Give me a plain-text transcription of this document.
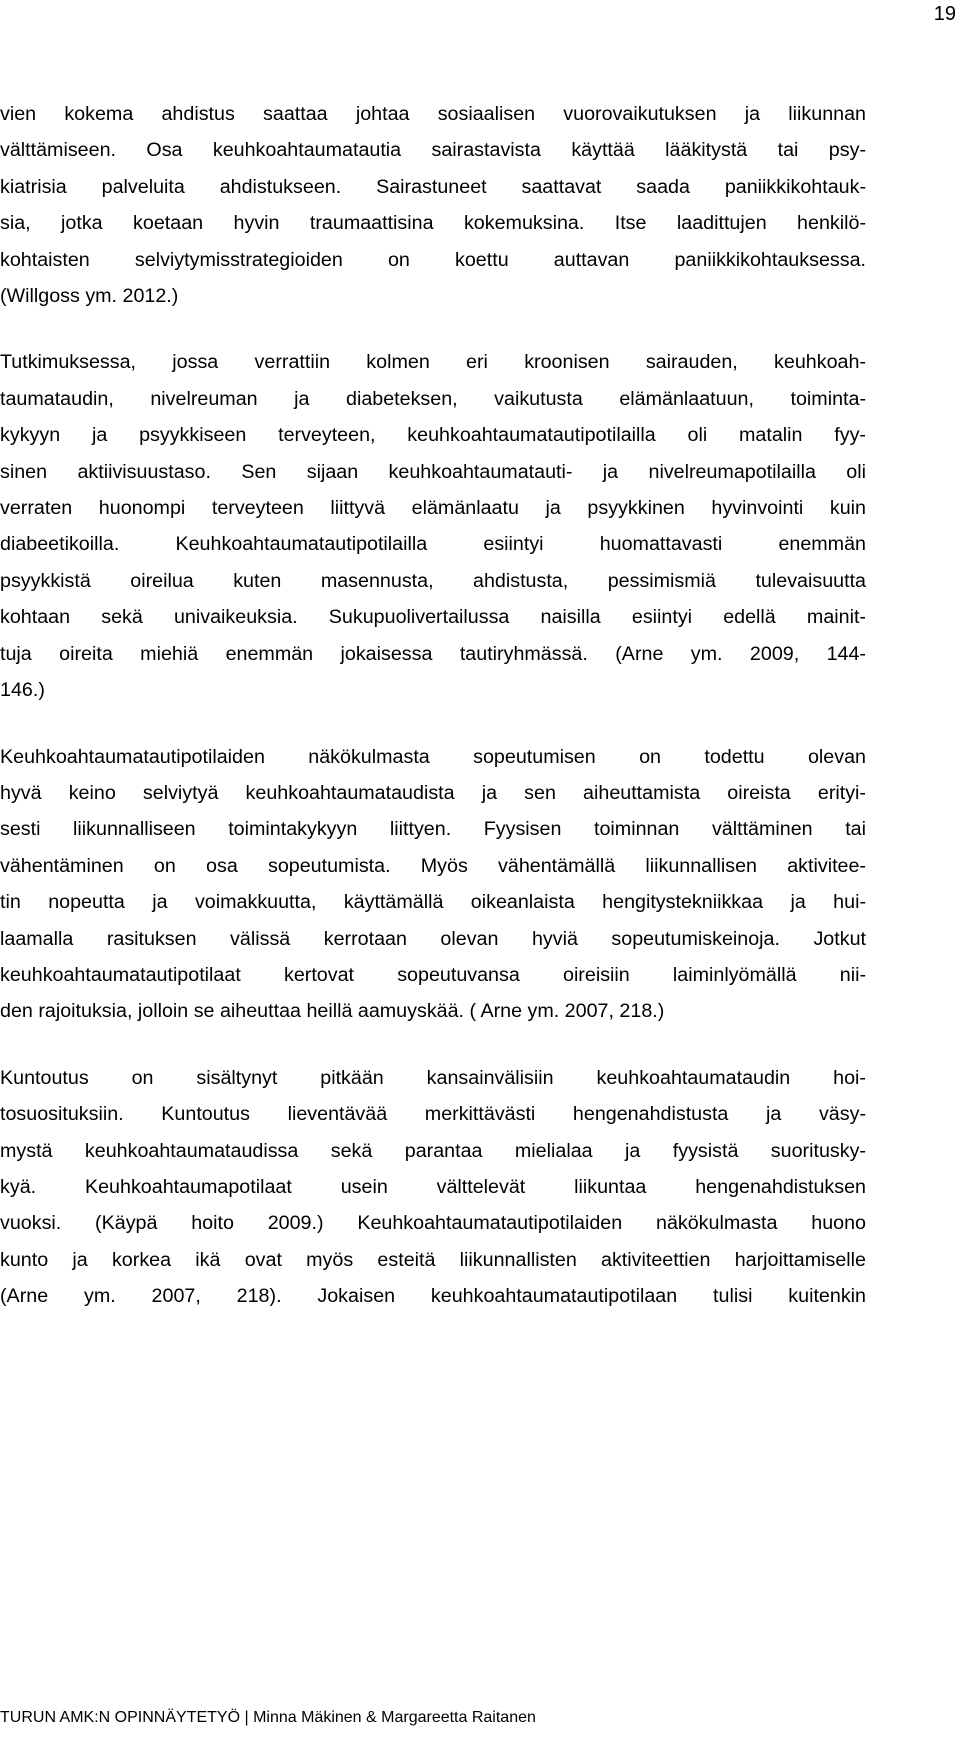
19
vien kokema ahdistus saattaa johtaa sosiaalisen vuorovaikutuksen ja liikunnan
välttämiseen. Osa keuhkoahtaumatautia sairastavista käyttää lääkitystä tai psy-
kiatrisia palveluita ahdistukseen. Sairastuneet saattavat saada paniikkikohtauk-
sia, jotka koetaan hyvin traumaattisina kokemuksina. Itse laadittujen henkilö-
kohtaisten selviytymisstrategioiden on koettu auttavan paniikkikohtauksessa.
(Willgoss ym. 2012.)
Tutkimuksessa, jossa verrattiin kolmen eri kroonisen sairauden, keuhkoah-
taumataudin, nivelreuman ja diabeteksen, vaikutusta elämänlaatuun, toiminta-
kykyyn ja psyykkiseen terveyteen, keuhkoahtaumatautipotilailla oli matalin fyy-
sinen aktiivisuustaso. Sen sijaan keuhkoahtaumatauti- ja nivelreumapotilailla oli
verraten huonompi terveyteen liittyvä elämänlaatu ja psyykkinen hyvinvointi kuin
diabeetikoilla. Keuhkoahtaumatautipotilailla esiintyi huomattavasti enemmän
psyykkistä oireilua kuten masennusta, ahdistusta, pessimismiä tulevaisuutta
kohtaan sekä univaikeuksia. Sukupuolivertailussa naisilla esiintyi edellä mainit-
tuja oireita miehiä enemmän jokaisessa tautiryhmässä. (Arne ym. 2009, 144-
146.)
Keuhkoahtaumatautipotilaiden näkökulmasta sopeutumisen on todettu olevan
hyvä keino selviytyä keuhkoahtaumataudista ja sen aiheuttamista oireista erityi-
sesti liikunnalliseen toimintakykyyn liittyen. Fyysisen toiminnan välttäminen tai
vähentäminen on osa sopeutumista. Myös vähentämällä liikunnallisen aktivitee-
tin nopeutta ja voimakkuutta, käyttämällä oikeanlaista hengitystekniikkaa ja hui-
laamalla rasituksen välissä kerrotaan olevan hyviä sopeutumiskeinoja. Jotkut
keuhkoahtaumatautipotilaat kertovat sopeutuvansa oireisiin laiminlyömällä nii-
den rajoituksia, jolloin se aiheuttaa heillä aamuyskää. ( Arne ym. 2007, 218.)
Kuntoutus on sisältynyt pitkään kansainvälisiin keuhkoahtaumataudin hoi-
tosuosituksiin. Kuntoutus lieventävää merkittävästi hengenahdistusta ja väsy-
mystä keuhkoahtaumataudissa sekä parantaa mielialaa ja fyysistä suoritusky-
kyä. Keuhkoahtaumapotilaat usein välttelevät liikuntaa hengenahdistuksen
vuoksi. (Käypä hoito 2009.) Keuhkoahtaumatautipotilaiden näkökulmasta huono
kunto ja korkea ikä ovat myös esteitä liikunnallisten aktiviteettien harjoittamiselle
(Arne ym. 2007, 218). Jokaisen keuhkoahtaumatautipotilaan tulisi kuitenkin
TURUN AMK:N OPINNÄYTETYÖ | Minna Mäkinen & Margareetta Raitanen
